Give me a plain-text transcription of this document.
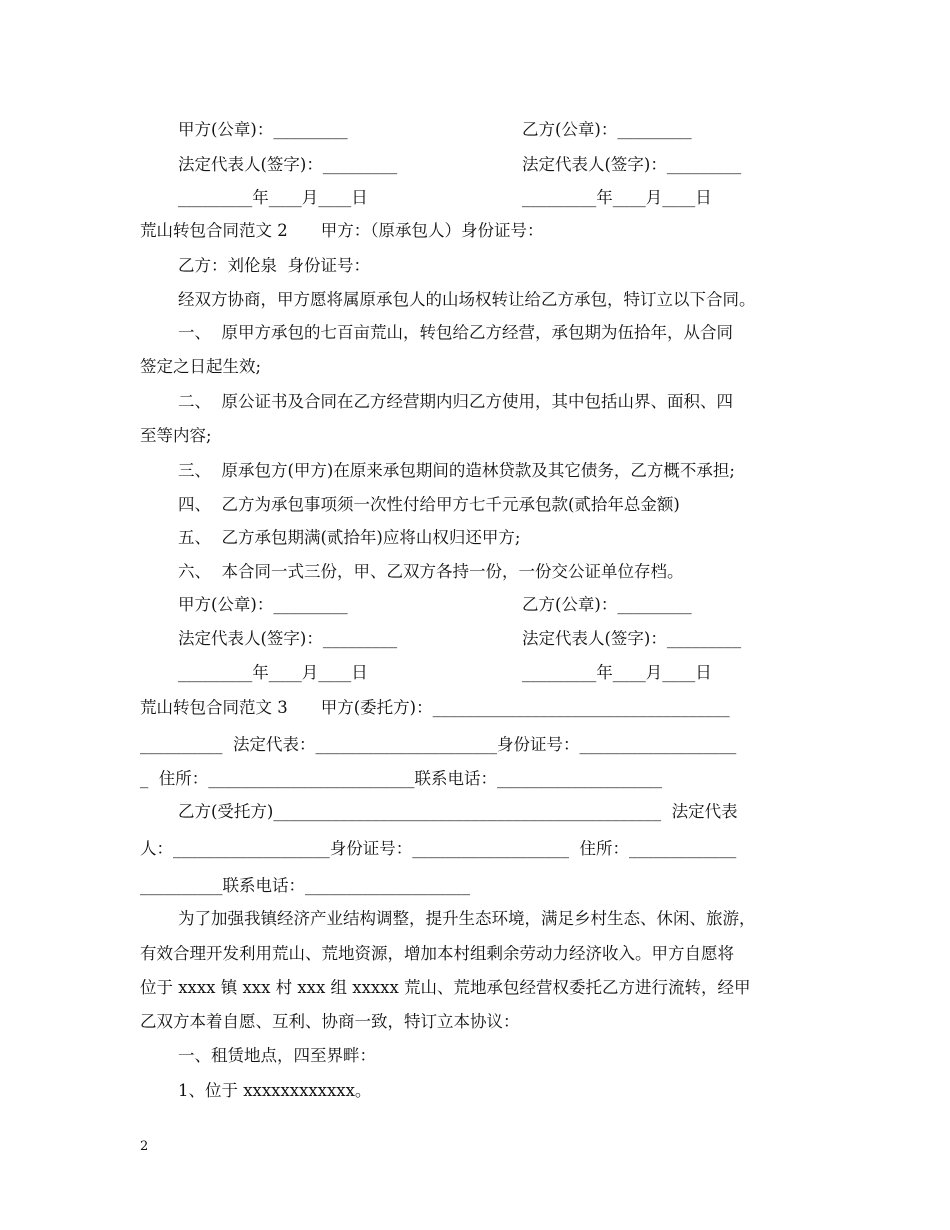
甲方(公章)：_________	乙方(公章)：_________
法定代表人(签字)：_________	法定代表人(签字)：_________
_________年____月____日	_________年____月____日
荒山转包合同范文 2　　甲方：（原承包人）身份证号：
乙方：刘伦泉  身份证号：
经双方协商，甲方愿将属原承包人的山场权转让给乙方承包，特订立以下合同。
一、  原甲方承包的七百亩荒山，转包给乙方经营，承包期为伍拾年，从合同
签定之日起生效;
二、  原公证书及合同在乙方经营期内归乙方使用，其中包括山界、面积、四
至等内容;
三、  原承包方(甲方)在原来承包期间的造林贷款及其它债务，乙方概不承担;
四、  乙方为承包事项须一次性付给甲方七千元承包款(贰拾年总金额)
五、  乙方承包期满(贰拾年)应将山权归还甲方;
六、  本合同一式三份，甲、乙双方各持一份，一份交公证单位存档。
甲方(公章)：_________	乙方(公章)：_________
法定代表人(签字)：_________	法定代表人(签字)：_________
_________年____月____日	_________年____月____日
荒山转包合同范文 3　　甲方(委托方)：____________________________________
__________  法定代表：______________________身份证号：___________________
_  住所：_________________________联系电话：____________________
乙方(受托方)_______________________________________________  法定代表
人：___________________身份证号：___________________  住所：_____________
__________联系电话：____________________
为了加强我镇经济产业结构调整，提升生态环境，满足乡村生态、休闲、旅游，
有效合理开发利用荒山、荒地资源，增加本村组剩余劳动力经济收入。甲方自愿将
位于 xxxx 镇 xxx 村 xxx 组 xxxxx 荒山、荒地承包经营权委托乙方进行流转，经甲
乙双方本着自愿、互利、协商一致，特订立本协议：
一、租赁地点，四至界畔：
1、位于 xxxxxxxxxxxx。
2
